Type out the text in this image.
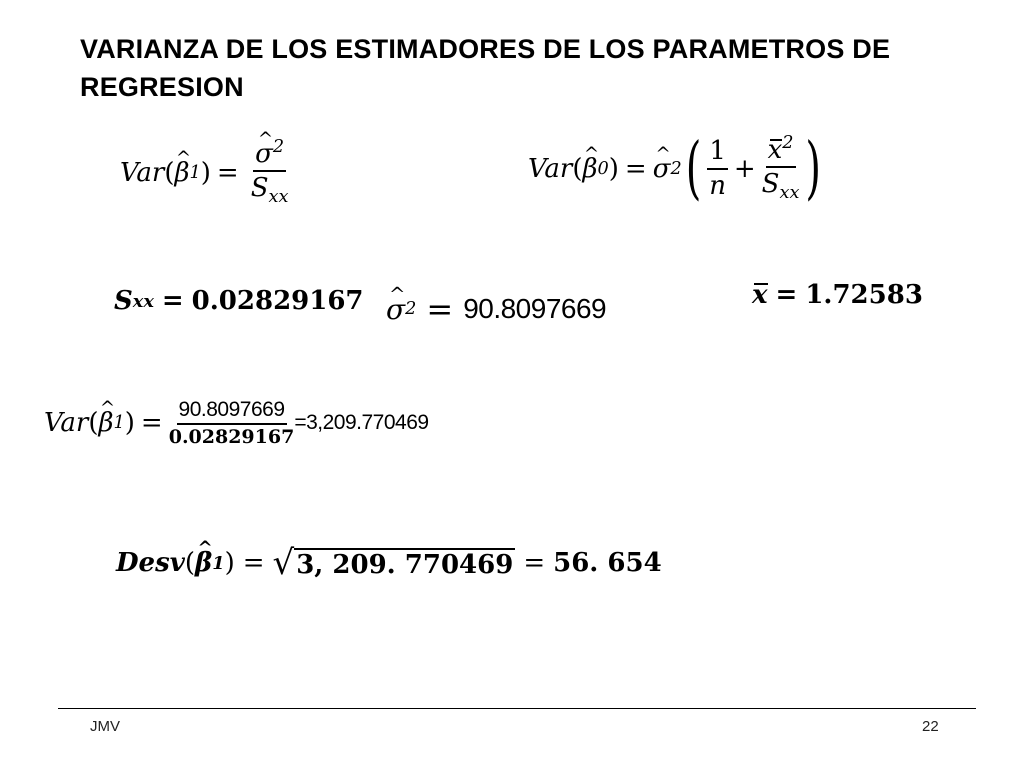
VARIANZA DE LOS ESTIMADORES DE LOS PARAMETROS DE REGRESION
Var ( ^ β 1 ) = ^ $\frac{\sigma^2}{S_{xx}}$	Var ( ^ β 0 ) = ^ σ 2 ( $\frac{1}{n} + \frac{x^2}{S_{xx}}$ )
S xx = 0.02829167 ^ σ 2 = 90.8097669	x = 1.72583
Var ( ^ β 1 ) = $\frac{90.8097669}{0.02829167} =3,209.770469$
Desv ( ^ β 1 ) = √ 3, 209. 770469 = 56. 654
JMV	22
